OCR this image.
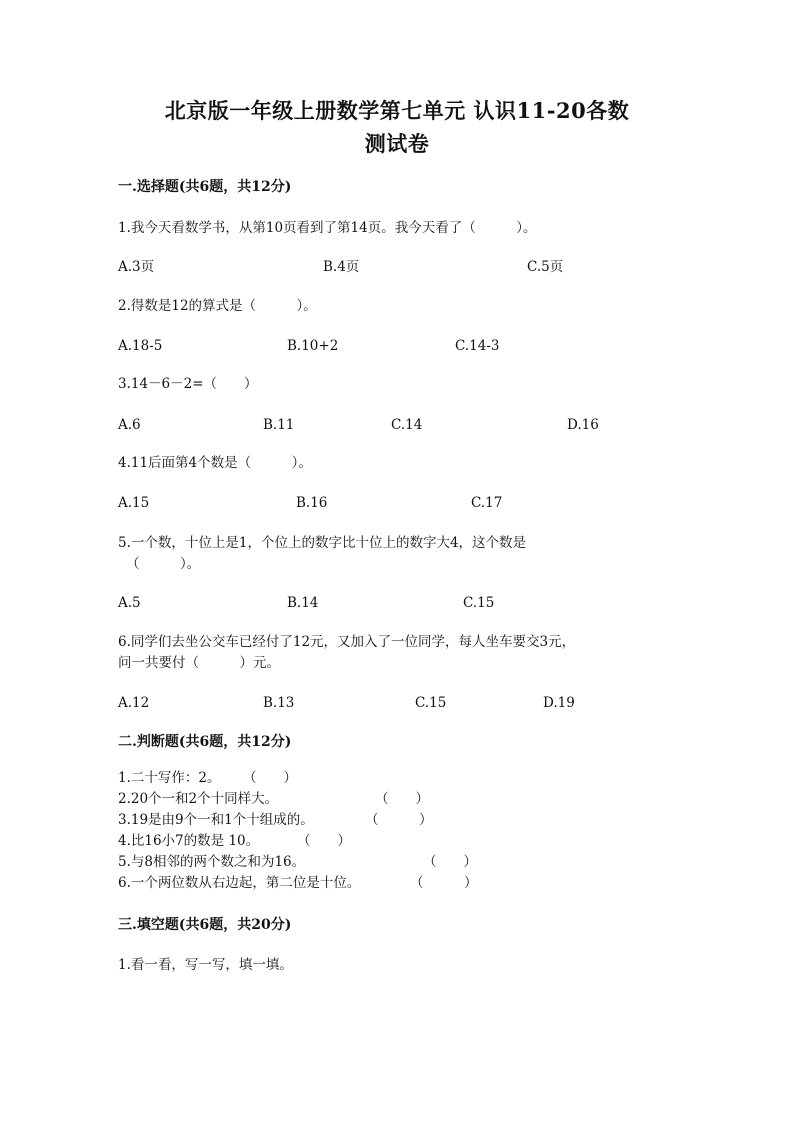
北京版一年级上册数学第七单元 认识11-20各数
测试卷
一.选择题(共6题，共12分)
1.我今天看数学书，从第10页看到了第14页。我今天看了（　　　）。
A.3页	B.4页	C.5页
2.得数是12的算式是（　　　）。
A.18-5	B.10+2	C.14-3
3.14－6－2=（　　）
A.6	B.11	C.14	D.16
4.11后面第4个数是（　　　）。
A.15	B.16	C.17
5.一个数，十位上是1，个位上的数字比十位上的数字大4，这个数是
（　　　）。
A.5	B.14	C.15
6.同学们去坐公交车已经付了12元，又加入了一位同学，每人坐车要交3元，
问一共要付（　　　）元。
A.12	B.13	C.15	D.19
二.判断题(共6题，共12分)
1.二十写作：2。 （　　）
2.20个一和2个十同样大。	（　　）
3.19是由9个一和1个十组成的。	（　　　）
4.比16小7的数是 10。	（　　）
5.与8相邻的两个数之和为16。	（　　）
6.一个两位数从右边起，第二位是十位。	（　　　）
三.填空题(共6题，共20分)
1.看一看，写一写，填一填。
